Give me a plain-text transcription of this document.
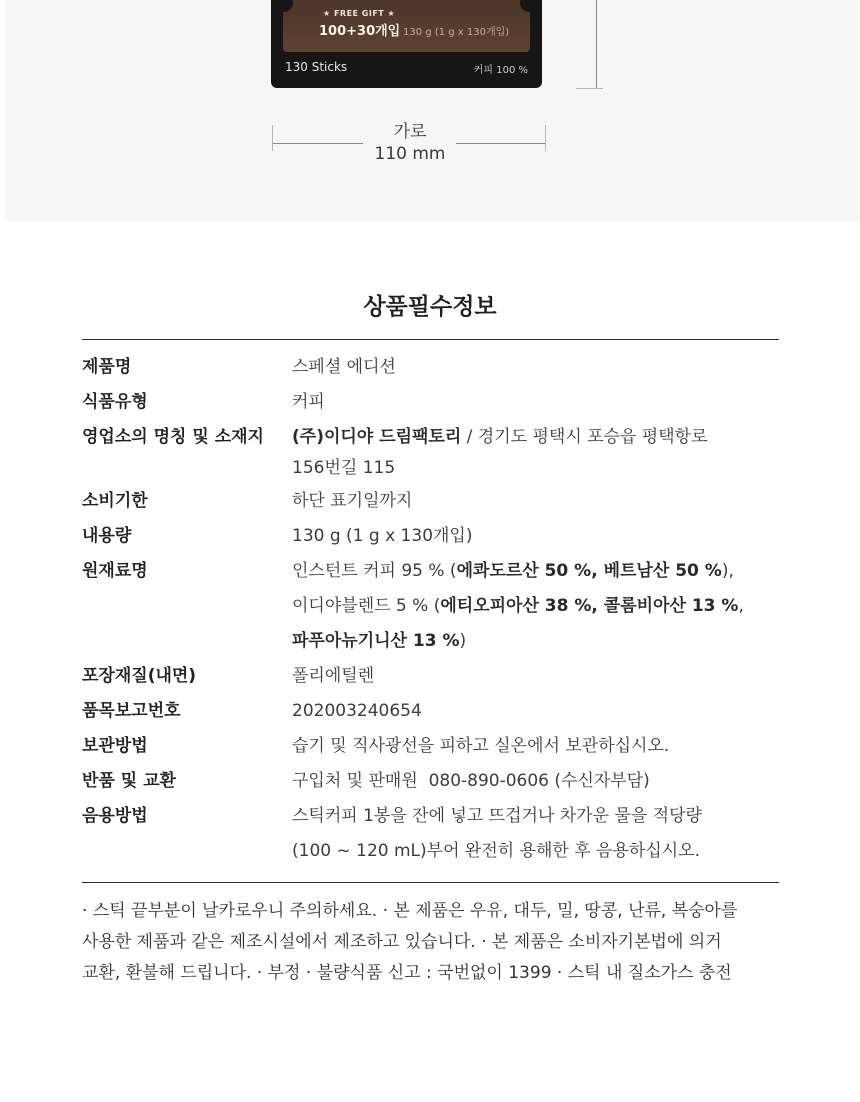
★ FREE GIFT ★
100+30개입 130 g (1 g x 130개입)
130 Sticks	커피 100 %
가로
110 mm
상품필수정보
제품명	스페셜 에디션
식품유형	커피
영업소의 명칭 및 소재지	(주)이디야 드림팩토리 / 경기도 평택시 포승읍 평택항로
156번길 115

소비기한	하단 표기일까지
내용량	130 g (1 g x 130개입)
원재료명	인스턴트 커피 95 % (에콰도르산 50 %, 베트남산 50 %),
이디야블렌드 5 % (에티오피아산 38 %, 콜롬비아산 13 %,
파푸아뉴기니산 13 %)
포장재질(내면)	폴리에틸렌
품목보고번호	202003240654
보관방법	습기 및 직사광선을 피하고 실온에서 보관하십시오.
반품 및 교환	구입처 및 판매원  080-890-0606 (수신자부담)
음용방법	스틱커피 1봉을 잔에 넣고 뜨겁거나 차가운 물을 적당량
(100 ~ 120 mL)부어 완전히 용해한 후 음용하십시오.
· 스틱 끝부분이 날카로우니 주의하세요. · 본 제품은 우유, 대두, 밀, 땅콩, 난류, 복숭아를
사용한 제품과 같은 제조시설에서 제조하고 있습니다. · 본 제품은 소비자기본법에 의거
교환, 환불해 드립니다. · 부정 · 불량식품 신고 : 국번없이 1399 · 스틱 내 질소가스 충전
